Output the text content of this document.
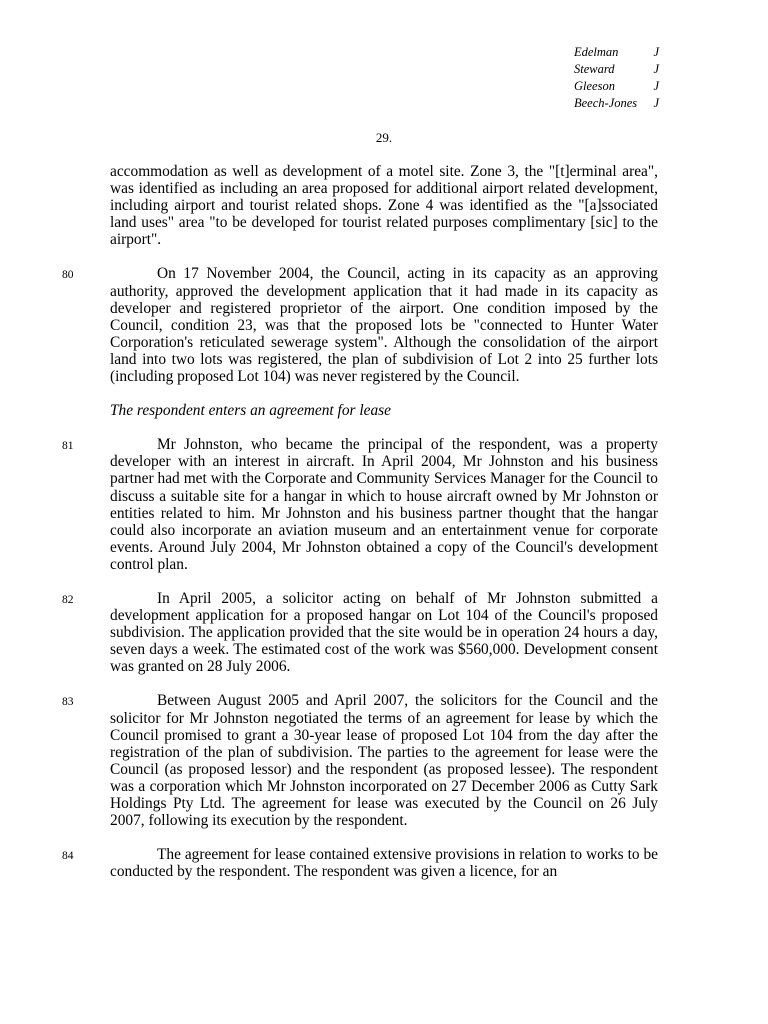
Edelman	J
Steward	J
Gleeson	J
Beech-Jones J
29.

accommodation as well as development of a motel site. Zone 3, the "[t]erminal area", was identified as including an area proposed for additional airport related development, including airport and tourist related shops. Zone 4 was identified as the "[a]ssociated land uses" area "to be developed for tourist related purposes complimentary [sic] to the airport".

80	On 17 November 2004, the Council, acting in its capacity as an approving authority, approved the development application that it had made in its capacity as developer and registered proprietor of the airport. One condition imposed by the Council, condition 23, was that the proposed lots be "connected to Hunter Water Corporation's reticulated sewerage system". Although the consolidation of the airport land into two lots was registered, the plan of subdivision of Lot 2 into 25 further lots (including proposed Lot 104) was never registered by the Council.
The respondent enters an agreement for lease
81	Mr Johnston, who became the principal of the respondent, was a property developer with an interest in aircraft. In April 2004, Mr Johnston and his business partner had met with the Corporate and Community Services Manager for the Council to discuss a suitable site for a hangar in which to house aircraft owned by Mr Johnston or entities related to him. Mr Johnston and his business partner thought that the hangar could also incorporate an aviation museum and an entertainment venue for corporate events. Around July 2004, Mr Johnston obtained a copy of the Council's development control plan.
82	In April 2005, a solicitor acting on behalf of Mr Johnston submitted a development application for a proposed hangar on Lot 104 of the Council's proposed subdivision. The application provided that the site would be in operation 24 hours a day, seven days a week. The estimated cost of the work was $560,000. Development consent was granted on 28 July 2006.
83	Between August 2005 and April 2007, the solicitors for the Council and the solicitor for Mr Johnston negotiated the terms of an agreement for lease by which the Council promised to grant a 30-year lease of proposed Lot 104 from the day after the registration of the plan of subdivision. The parties to the agreement for lease were the Council (as proposed lessor) and the respondent (as proposed lessee). The respondent was a corporation which Mr Johnston incorporated on 27 December 2006 as Cutty Sark Holdings Pty Ltd. The agreement for lease was executed by the Council on 26 July 2007, following its execution by the respondent.
84	The agreement for lease contained extensive provisions in relation to works to be conducted by the respondent. The respondent was given a licence, for an
